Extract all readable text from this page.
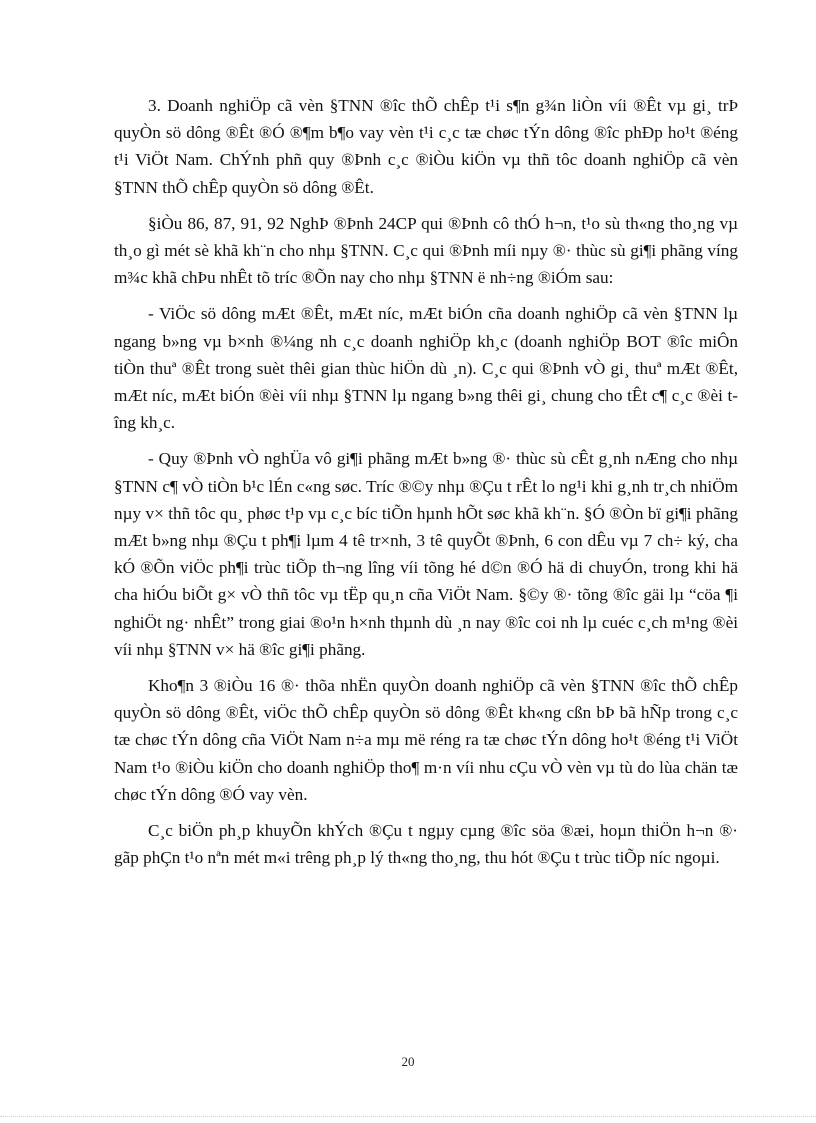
3. Doanh nghiÖp cã vèn §TNN ®îc thÕ chÊp t¹i s¶n g¾n liÒn víi ®Êt vµ gi¸ trÞ quyÒn sö dông ®Êt ®Ó ®¶m b¶o vay vèn t¹i c¸c tæ chøc tÝn dông ®îc phÐp ho¹t ®éng t¹i ViÖt Nam. ChÝnh phñ quy ®Þnh c¸c ®iÒu kiÖn vµ thñ tôc doanh nghiÖp cã vèn §TNN thÕ chÊp quyÒn sö dông ®Êt.

§iÒu 86, 87, 91, 92 NghÞ ®Þnh 24CP qui ®Þnh cô thÓ h¬n, t¹o sù th«ng tho¸ng vµ th¸o gì mét sè khã kh¨n cho nhµ §TNN. C¸c qui ®Þnh míi nµy ®· thùc sù gi¶i phãng víng m¾c khã chÞu nhÊt tõ tríc ®Õn nay cho nhµ §TNN ë nh÷ng ®iÓm sau:

- ViÖc sö dông mÆt ®Êt, mÆt níc, mÆt biÓn cña doanh nghiÖp cã vèn §TNN lµ ngang b»ng vµ b×nh ®¼ng nh c¸c doanh nghiÖp kh¸c (doanh nghiÖp BOT ®îc miÔn tiÒn thuª ®Êt trong suèt thêi gian thùc hiÖn dù ¸n). C¸c qui ®Þnh vÒ gi¸ thuª mÆt ®Êt, mÆt níc, mÆt biÓn ®èi víi nhµ §TNN lµ ngang b»ng thêi gi¸ chung cho tÊt c¶ c¸c ®èi tîng kh¸c.

- Quy ®Þnh vÒ nghÜa vô gi¶i phãng mÆt b»ng ®· thùc sù cÊt g¸nh nÆng cho nhµ §TNN c¶ vÒ tiÒn b¹c lÉn c«ng søc. Tríc ®©y nhµ ®Çu t rÊt lo ng¹i khi g¸nh tr¸ch nhiÖm nµy v× thñ tôc qu¸ phøc t¹p vµ c¸c bíc tiÕn hµnh hÕt søc khã kh¨n. §Ó ®Òn bï gi¶i phãng mÆt b»ng nhµ ®Çu t ph¶i lµm 4 tê tr×nh, 3 tê quyÕt ®Þnh, 6 con dÊu vµ 7 ch÷ ký, cha kÓ ®Õn viÖc ph¶i trùc tiÕp th¬ng lîng víi tõng hé d©n ®Ó hä di chuyÓn, trong khi hä cha hiÓu biÕt g× vÒ thñ tôc vµ tËp qu¸n cña ViÖt Nam. §©y ®· tõng ®îc gäi lµ “cöa ¶i nghiÖt ng· nhÊt” trong giai ®o¹n h×nh thµnh dù ¸n nay ®îc coi nh lµ cuéc c¸ch m¹ng ®èi víi nhµ §TNN v× hä ®îc gi¶i phãng.

Kho¶n 3 ®iÒu 16 ®· thõa nhËn quyÒn doanh nghiÖp cã vèn §TNN ®îc thÕ chÊp quyÒn sö dông ®Êt, viÖc thÕ chÊp quyÒn sö dông ®Êt kh«ng cßn bÞ bã hÑp trong c¸c tæ chøc tÝn dông cña ViÖt Nam n÷a mµ më réng ra tæ chøc tÝn dông ho¹t ®éng t¹i ViÖt Nam t¹o ®iÒu kiÖn cho doanh nghiÖp tho¶ m·n víi nhu cÇu vÒ vèn vµ tù do lùa chän tæ chøc tÝn dông ®Ó vay vèn.

C¸c biÖn ph¸p khuyÕn khÝch ®Çu t ngµy cµng ®îc söa ®æi, hoµn thiÖn h¬n ®· gãp phÇn t¹o nªn mét m«i trêng ph¸p lý th«ng tho¸ng, thu hót ®Çu t trùc tiÕp níc ngoµi.

20
